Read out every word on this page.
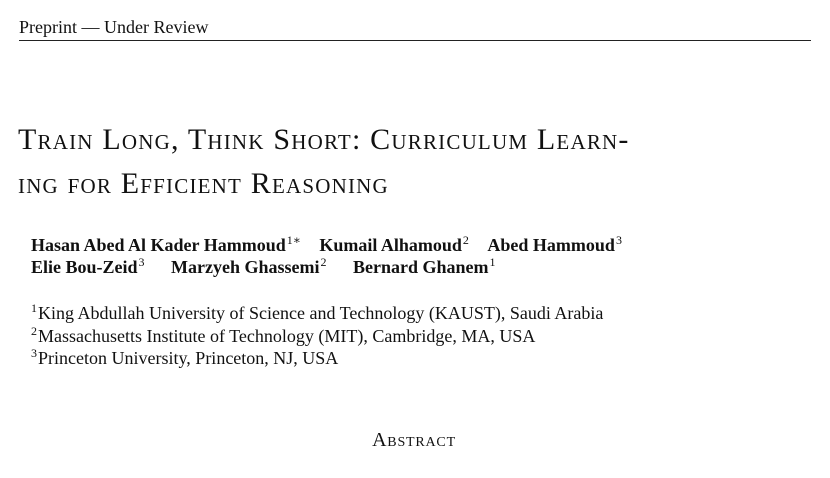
Preprint — Under Review
Train Long, Think Short: Curriculum Learn-
ing for Efficient Reasoning
Hasan Abed Al Kader Hammoud$^{1∗}$ Kumail Alhamoud$^2$ Abed Hammoud$^3$
Elie Bou-Zeid$^3$ Marzyeh Ghassemi$^2$ Bernard Ghanem$^1$
$^1$King Abdullah University of Science and Technology (KAUST), Saudi Arabia
$^2$Massachusetts Institute of Technology (MIT), Cambridge, MA, USA
$^3$Princeton University, Princeton, NJ, USA
Abstract
